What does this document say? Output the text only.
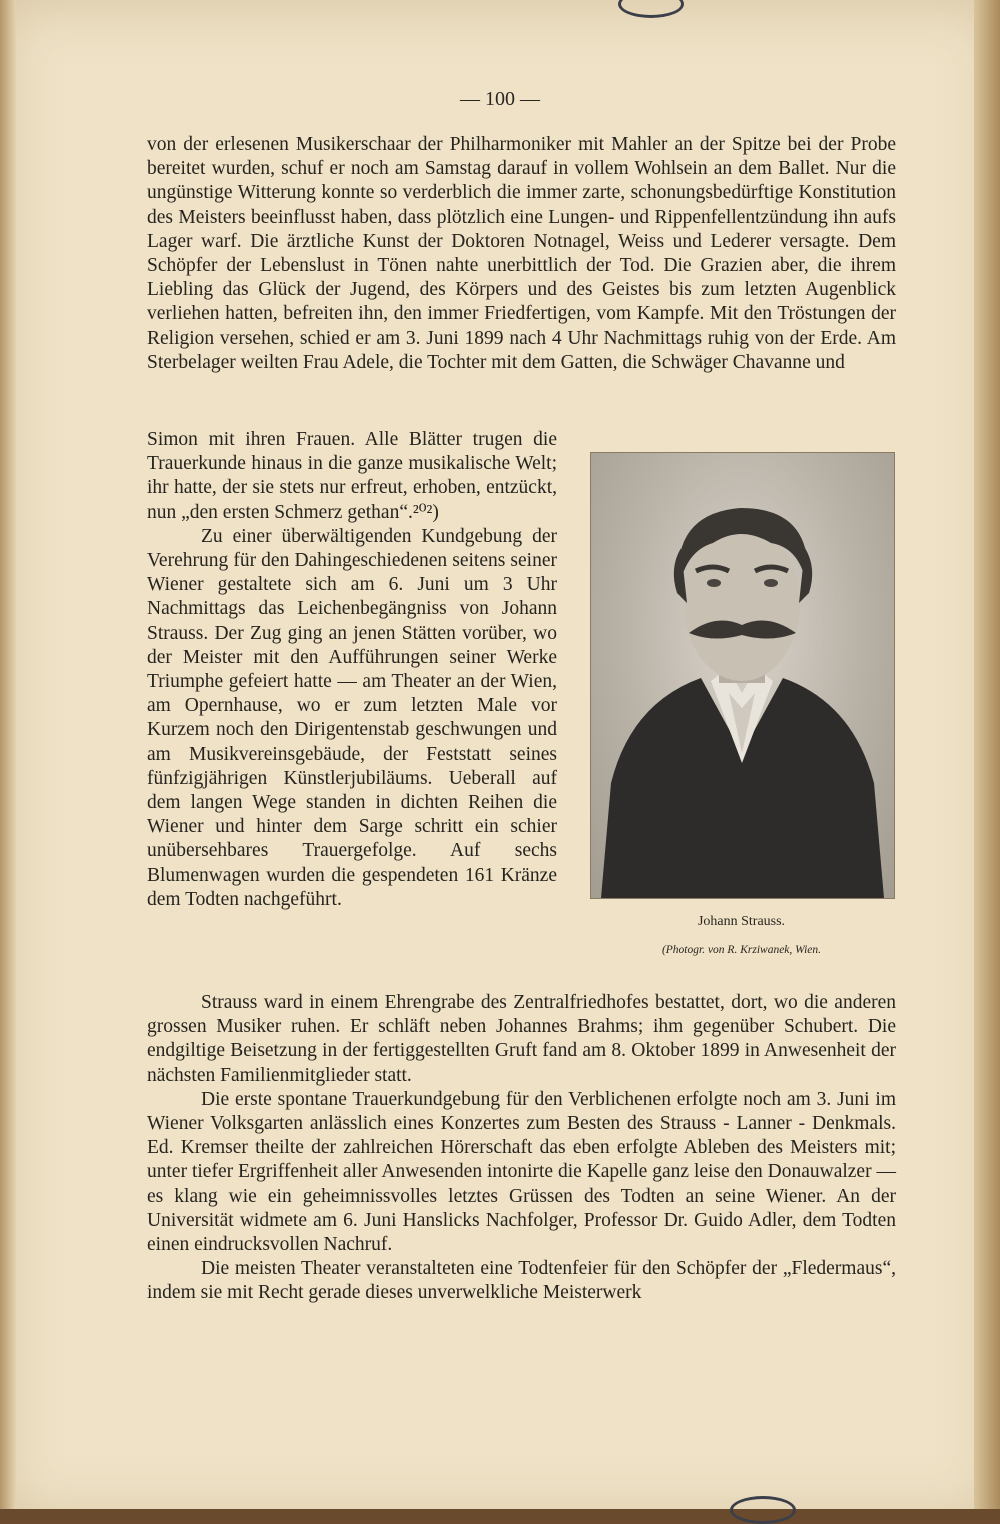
— 100 —

von der erlesenen Musikerschaar der Philharmoniker mit Mahler an der Spitze bei der Probe bereitet wurden, schuf er noch am Samstag darauf in vollem Wohlsein an dem Ballet. Nur die ungünstige Witterung konnte so verderblich die immer zarte, schonungsbedürftige Konstitution des Meisters beeinflusst haben, dass plötzlich eine Lungen- und Rippenfellentzündung ihn aufs Lager warf. Die ärztliche Kunst der Doktoren Notnagel, Weiss und Lederer versagte. Dem Schöpfer der Lebenslust in Tönen nahte unerbittlich der Tod. Die Grazien aber, die ihrem Liebling das Glück der Jugend, des Körpers und des Geistes bis zum letzten Augenblick verliehen hatten, befreiten ihn, den immer Friedfertigen, vom Kampfe. Mit den Tröstungen der Religion versehen, schied er am 3. Juni 1899 nach 4 Uhr Nachmittags ruhig von der Erde. Am Sterbelager weilten Frau Adele, die Tochter mit dem Gatten, die Schwäger Chavanne und

Simon mit ihren Frauen. Alle Blätter trugen die Trauerkunde hinaus in die ganze musikalische Welt; ihr hatte, der sie stets nur erfreut, erhoben, entzückt, nun „den ersten Schmerz gethan“.²⁰²)

Zu einer überwältigenden Kundgebung der Verehrung für den Dahingeschiedenen seitens seiner Wiener gestaltete sich am 6. Juni um 3 Uhr Nachmittags das Leichenbegängniss von Johann Strauss. Der Zug ging an jenen Stätten vorüber, wo der Meister mit den Aufführungen seiner Werke Triumphe gefeiert hatte — am Theater an der Wien, am Opernhause, wo er zum letzten Male vor Kurzem noch den Dirigentenstab geschwungen und am Musikvereinsgebäude, der Feststatt seines fünfzigjährigen Künstlerjubiläums. Ueberall auf dem langen Wege standen in dichten Reihen die Wiener und hinter dem Sarge schritt ein schier unübersehbares Trauergefolge. Auf sechs Blumenwagen wurden die gespendeten 161 Kränze dem Todten nachgeführt.

Johann Strauss.
(Photogr. von R. Krziwanek, Wien.

Strauss ward in einem Ehrengrabe des Zentralfriedhofes bestattet, dort, wo die anderen grossen Musiker ruhen. Er schläft neben Johannes Brahms; ihm gegenüber Schubert. Die endgiltige Beisetzung in der fertiggestellten Gruft fand am 8. Oktober 1899 in Anwesenheit der nächsten Familienmitglieder statt.

Die erste spontane Trauerkundgebung für den Verblichenen erfolgte noch am 3. Juni im Wiener Volksgarten anlässlich eines Konzertes zum Besten des Strauss - Lanner - Denkmals. Ed. Kremser theilte der zahlreichen Hörerschaft das eben erfolgte Ableben des Meisters mit; unter tiefer Ergriffenheit aller Anwesenden intonirte die Kapelle ganz leise den Donauwalzer — es klang wie ein geheimnissvolles letztes Grüssen des Todten an seine Wiener. An der Universität widmete am 6. Juni Hanslicks Nachfolger, Professor Dr. Guido Adler, dem Todten einen eindrucksvollen Nachruf.

Die meisten Theater veranstalteten eine Todtenfeier für den Schöpfer der „Fledermaus“, indem sie mit Recht gerade dieses unverwelkliche Meisterwerk
